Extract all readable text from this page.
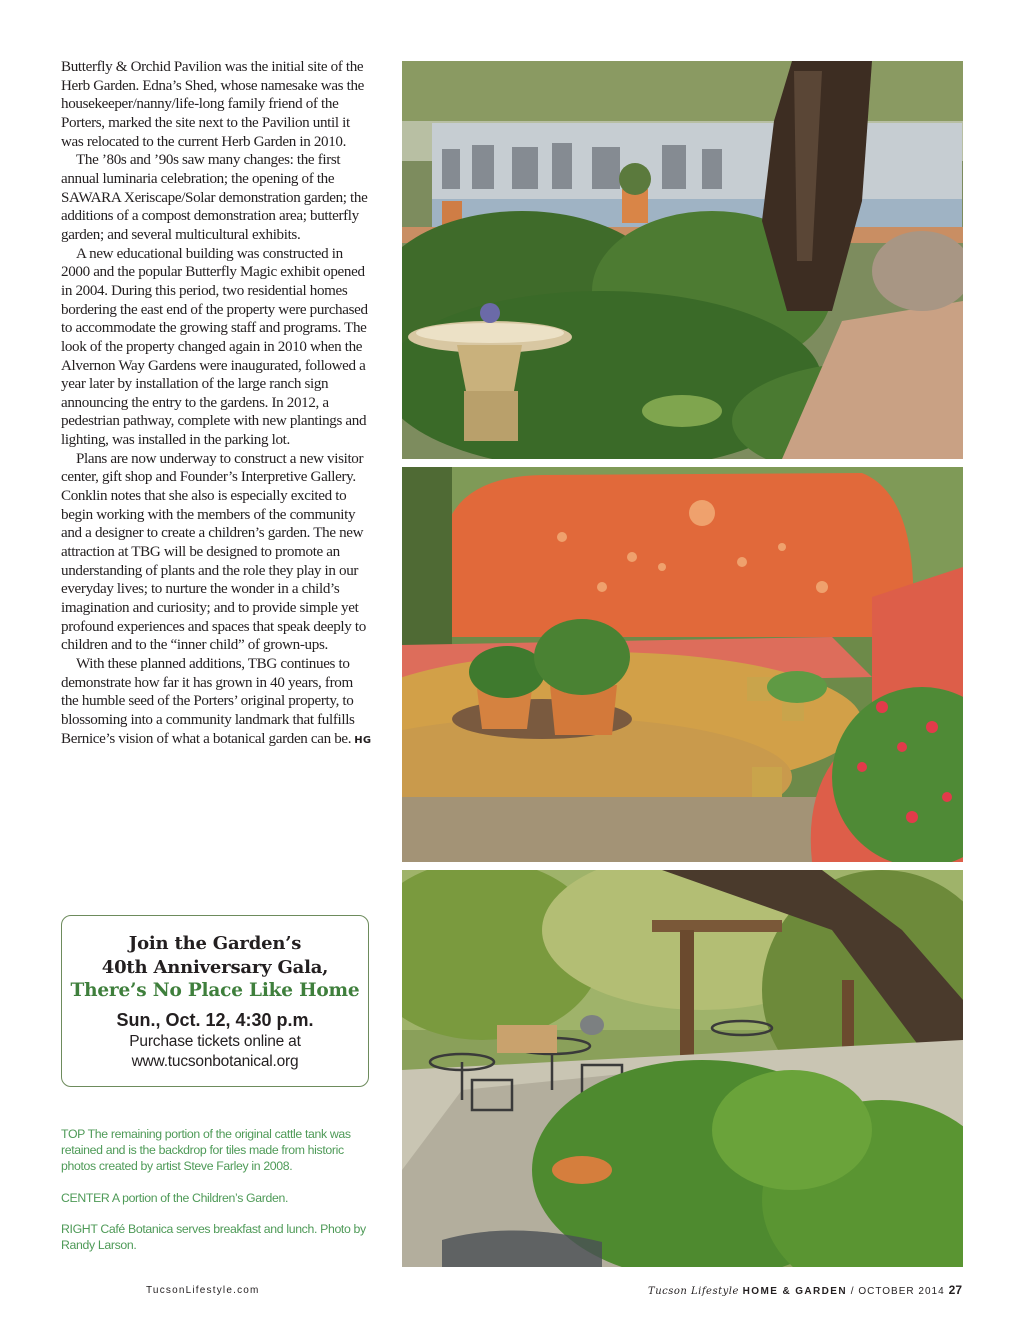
Butterfly & Orchid Pavilion was the initial site of the Herb Garden. Edna’s Shed, whose namesake was the housekeeper/nanny/life-long family friend of the Porters, marked the site next to the Pavilion until it was relocated to the current Herb Garden in 2010.

The ’80s and ’90s saw many changes: the first annual luminaria celebration; the opening of the SAWARA Xeriscape/Solar demonstration garden; the additions of a compost demonstration area; butterfly garden; and several multicultural exhibits.

A new educational building was constructed in 2000 and the popular Butterfly Magic exhibit opened in 2004. During this period, two residential homes bordering the east end of the property were purchased to accommodate the growing staff and programs. The look of the property changed again in 2010 when the Alvernon Way Gardens were inaugurated, followed a year later by installation of the large ranch sign announcing the entry to the gardens. In 2012, a pedestrian pathway, complete with new plantings and lighting, was installed in the parking lot.

Plans are now underway to construct a new visitor center, gift shop and Founder’s Interpretive Gallery. Conklin notes that she also is especially excited to begin working with the members of the community and a designer to create a children’s garden. The new attraction at TBG will be designed to promote an understanding of plants and the role they play in our everyday lives; to nurture the wonder in a child’s imagination and curiosity; and to provide simple yet profound experiences and spaces that speak deeply to children and to the “inner child” of grown-ups.

With these planned additions, TBG continues to demonstrate how far it has grown in 40 years, from the humble seed of the Porters’ original property, to blossoming into a community landmark that fulfills Bernice’s vision of what a botanical garden can be. HG

Join the Garden’s
40th Anniversary Gala,
There’s No Place Like Home
Sun., Oct. 12, 4:30 p.m.
Purchase tickets online at
www.tucsonbotanical.org

TOP The remaining portion of the original cattle tank was retained and is the backdrop for tiles made from historic photos created by artist Steve Farley in 2008.

CENTER A portion of the Children’s Garden.

RIGHT Café Botanica serves breakfast and lunch. Photo by Randy Larson.

TucsonLifestyle.com	Tucson Lifestyle HOME & GARDEN / OCTOBER 2014 27
